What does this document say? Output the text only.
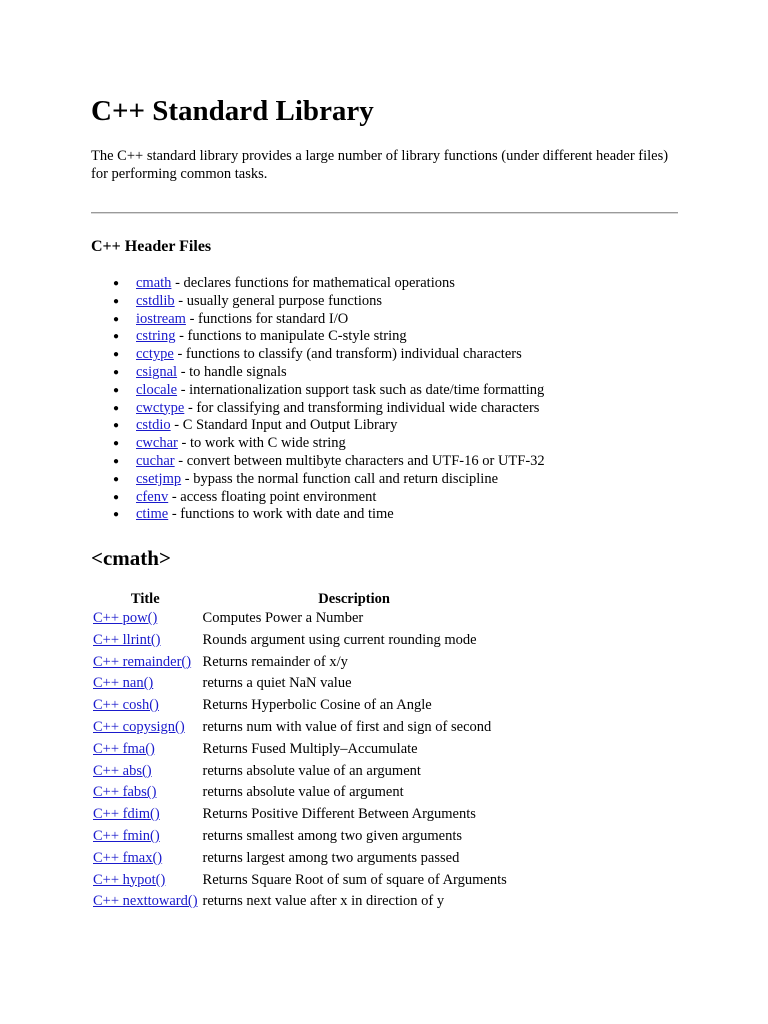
C++ Standard Library

The C++ standard library provides a large number of library functions (under different header files) for performing common tasks.

C++ Header Files
● cmath - declares functions for mathematical operations
● cstdlib - usually general purpose functions
● iostream - functions for standard I/O
● cstring - functions to manipulate C-style string
● cctype - functions to classify (and transform) individual characters
● csignal - to handle signals
● clocale - internationalization support task such as date/time formatting
● cwctype - for classifying and transforming individual wide characters
● cstdio - C Standard Input and Output Library
● cwchar - to work with C wide string
● cuchar - convert between multibyte characters and UTF-16 or UTF-32
● csetjmp - bypass the normal function call and return discipline
● cfenv - access floating point environment
● ctime - functions to work with date and time
<cmath>
Title	Description
C++ pow()	Computes Power a Number
C++ llrint()	Rounds argument using current rounding mode
C++ remainder()	Returns remainder of x/y
C++ nan()	returns a quiet NaN value
C++ cosh()	Returns Hyperbolic Cosine of an Angle
C++ copysign()	returns num with value of first and sign of second
C++ fma()	Returns Fused Multiply–Accumulate
C++ abs()	returns absolute value of an argument
C++ fabs()	returns absolute value of argument
C++ fdim()	Returns Positive Different Between Arguments
C++ fmin()	returns smallest among two given arguments
C++ fmax()	returns largest among two arguments passed
C++ hypot()	Returns Square Root of sum of square of Arguments
C++ nexttoward()	returns next value after x in direction of y
